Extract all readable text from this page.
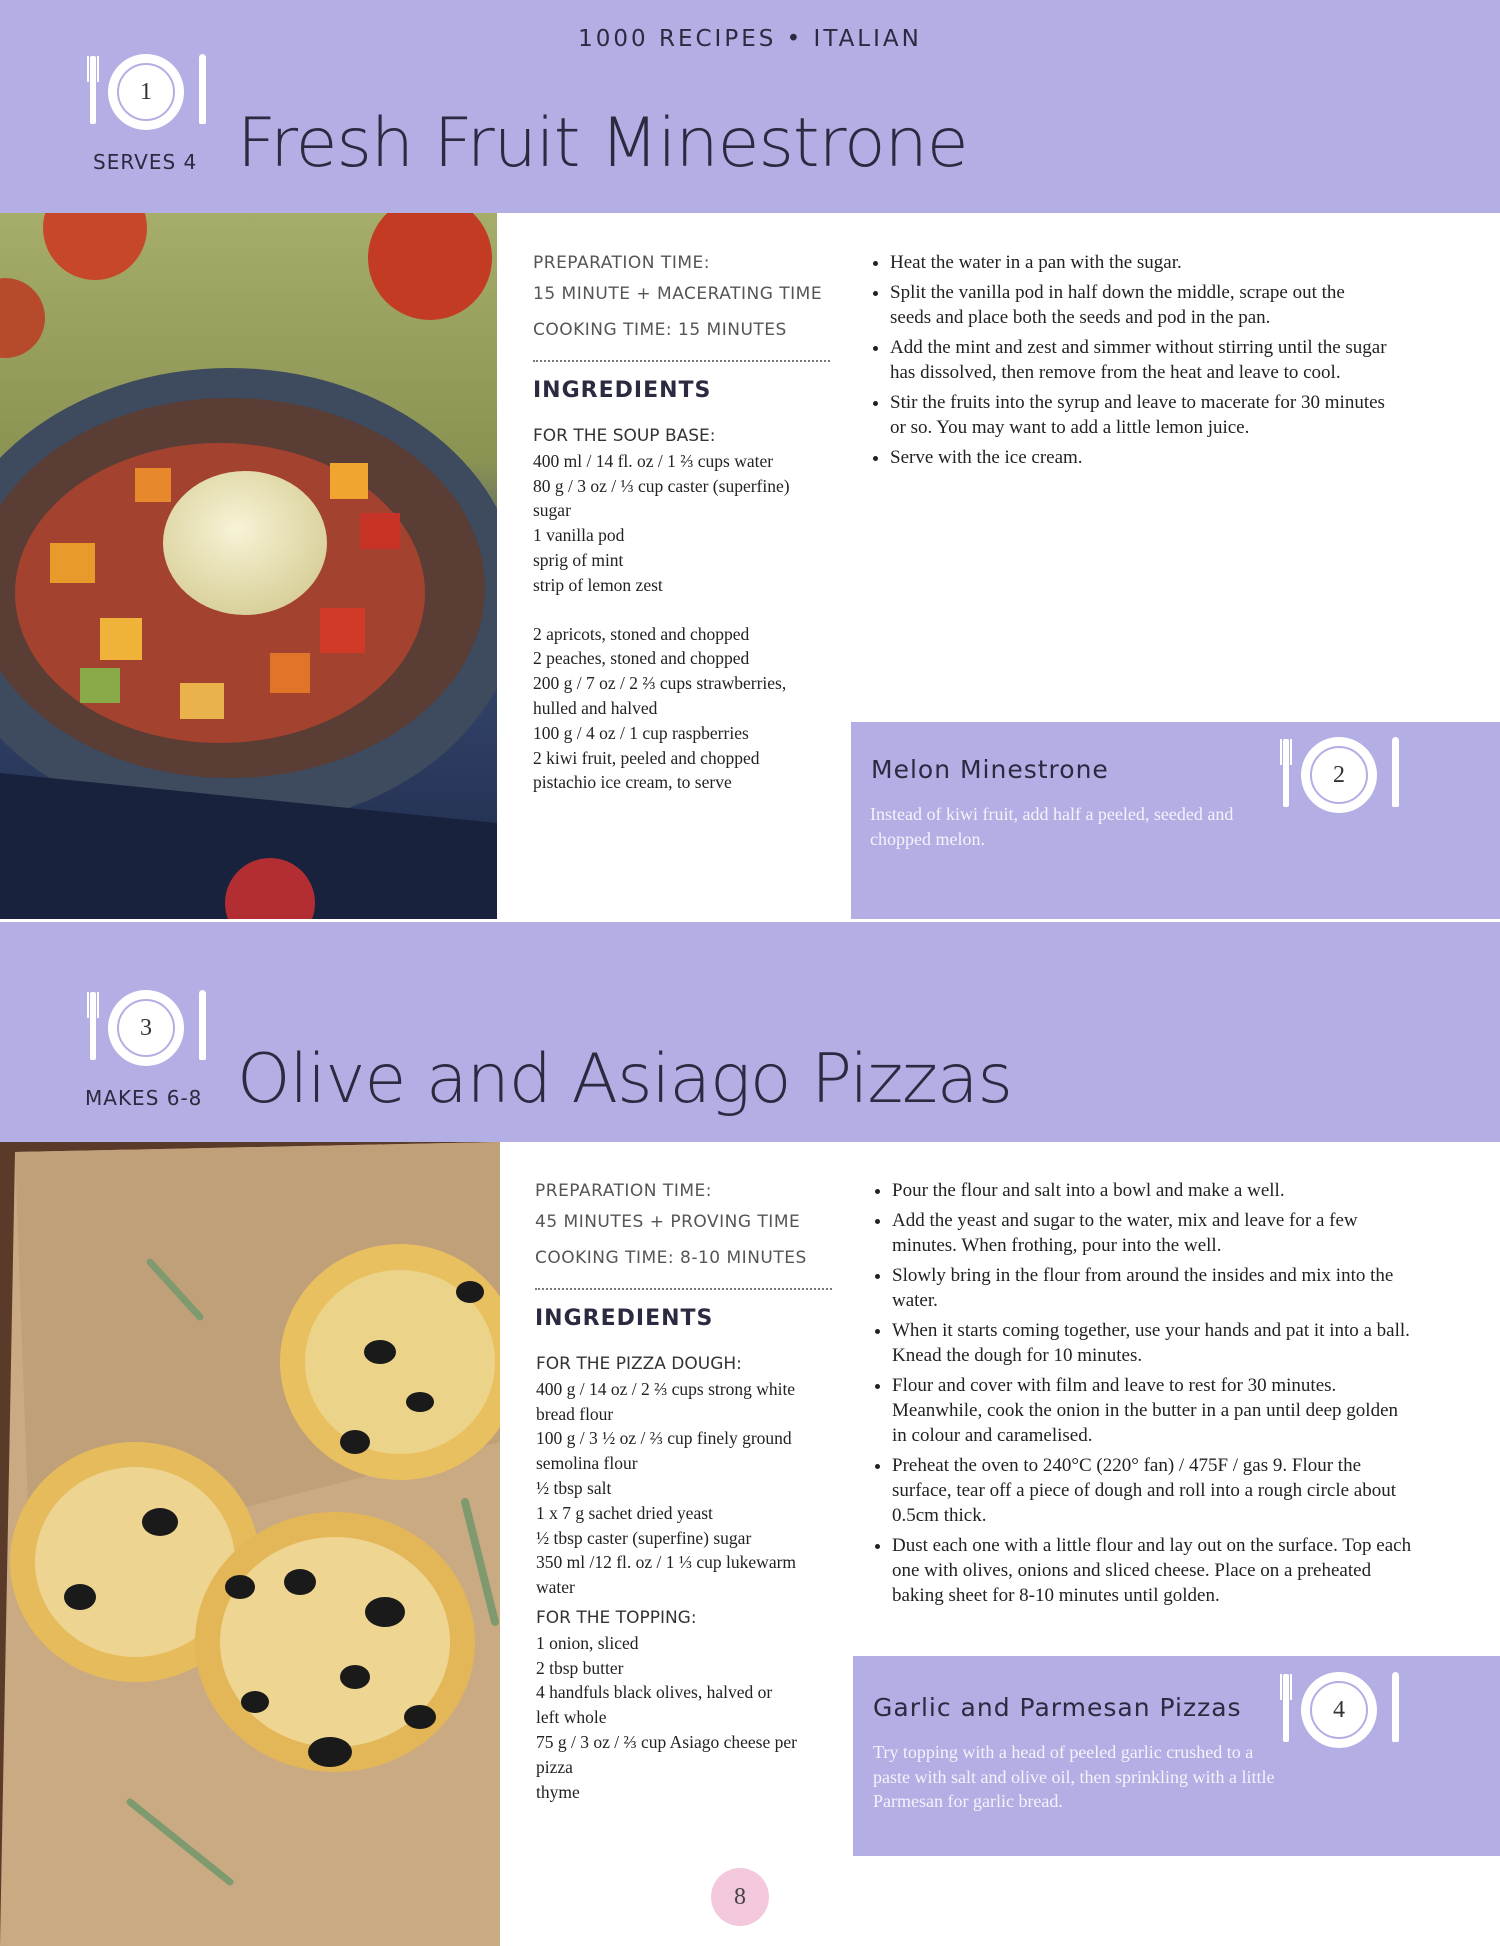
1000 RECIPES • ITALIAN
1
SERVES 4 Fresh Fruit Minestrone
PREPARATION TIME:
15 MINUTE + MACERATING TIME
COOKING TIME: 15 MINUTES
INGREDIENTS
FOR THE SOUP BASE:
400 ml / 14 fl. oz / 1 ⅔ cups water
80 g / 3 oz / ⅓ cup caster (superfine)
sugar
1 vanilla pod
sprig of mint
strip of lemon zest
2 apricots, stoned and chopped
2 peaches, stoned and chopped
200 g / 7 oz / 2 ⅔ cups strawberries,
hulled and halved
100 g / 4 oz / 1 cup raspberries
2 kiwi fruit, peeled and chopped
pistachio ice cream, to serve
• Heat the water in a pan with the sugar.
• Split the vanilla pod in half down the middle, scrape out the seeds and place both the seeds and pod in the pan.
• Add the mint and zest and simmer without stirring until the sugar has dissolved, then remove from the heat and leave to cool.
• Stir the fruits into the syrup and leave to macerate for 30 minutes or so. You may want to add a little lemon juice.
• Serve with the ice cream.
Melon Minestrone
Instead of kiwi fruit, add half a peeled, seeded and chopped melon.
2
3
MAKES 6-8 Olive and Asiago Pizzas
PREPARATION TIME:
45 MINUTES + PROVING TIME
COOKING TIME: 8-10 MINUTES
INGREDIENTS
FOR THE PIZZA DOUGH:
400 g / 14 oz / 2 ⅔ cups strong white
bread flour
100 g / 3 ½ oz / ⅔ cup finely ground
semolina flour
½ tbsp salt
1 x 7 g sachet dried yeast
½ tbsp caster (superfine) sugar
350 ml /12 fl. oz / 1 ⅓ cup lukewarm
water
FOR THE TOPPING:
1 onion, sliced
2 tbsp butter
4 handfuls black olives, halved or
left whole
75 g / 3 oz / ⅔ cup Asiago cheese per
pizza
thyme
• Pour the flour and salt into a bowl and make a well.
• Add the yeast and sugar to the water, mix and leave for a few minutes. When frothing, pour into the well.
• Slowly bring in the flour from around the insides and mix into the water.
• When it starts coming together, use your hands and pat it into a ball. Knead the dough for 10 minutes.
• Flour and cover with film and leave to rest for 30 minutes. Meanwhile, cook the onion in the butter in a pan until deep golden in colour and caramelised.
• Preheat the oven to 240°C (220° fan) / 475F / gas 9. Flour the surface, tear off a piece of dough and roll into a rough circle about 0.5cm thick.
• Dust each one with a little flour and lay out on the surface. Top each one with olives, onions and sliced cheese. Place on a preheated baking sheet for 8-10 minutes until golden.
Garlic and Parmesan Pizzas
Try topping with a head of peeled garlic crushed to a paste with salt and olive oil, then sprinkling with a little Parmesan for garlic bread.
4
8
